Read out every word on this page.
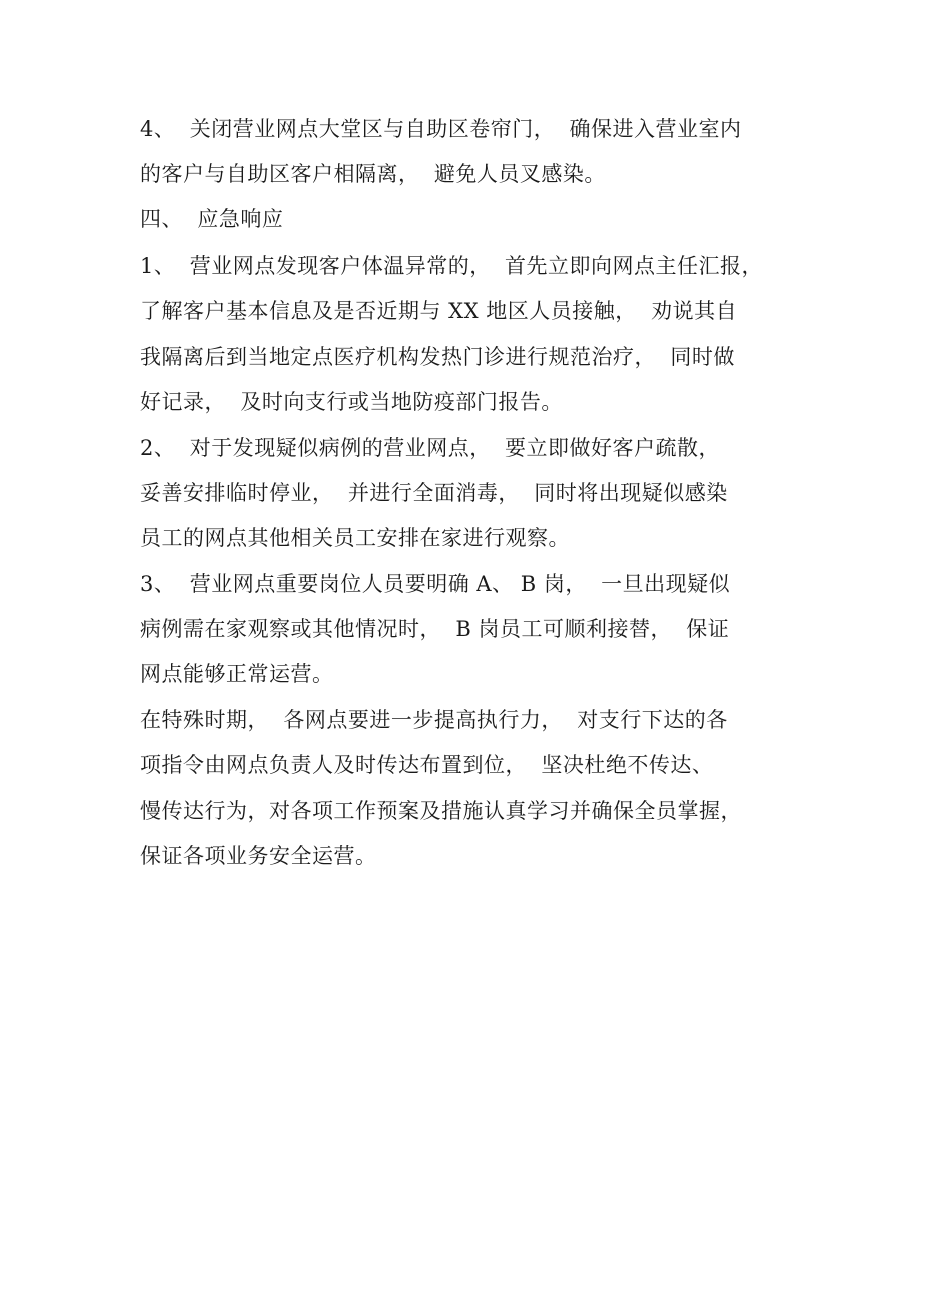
4、  关闭营业网点大堂区与自助区卷帘门，  确保进入营业室内
的客户与自助区客户相隔离，  避免人员叉感染。
四、  应急响应
1、  营业网点发现客户体温异常的，  首先立即向网点主任汇报，
了解客户基本信息及是否近期与 XX 地区人员接触，  劝说其自
我隔离后到当地定点医疗机构发热门诊进行规范治疗，  同时做
好记录，  及时向支行或当地防疫部门报告。
2、  对于发现疑似病例的营业网点，  要立即做好客户疏散，
妥善安排临时停业，  并进行全面消毒，  同时将出现疑似感染
员工的网点其他相关员工安排在家进行观察。
3、  营业网点重要岗位人员要明确 A、 B 岗，  一旦出现疑似
病例需在家观察或其他情况时，  B 岗员工可顺利接替，  保证
网点能够正常运营。
在特殊时期，  各网点要进一步提高执行力，  对支行下达的各
项指令由网点负责人及时传达布置到位，  坚决杜绝不传达、
慢传达行为，对各项工作预案及措施认真学习并确保全员掌握，
保证各项业务安全运营。
